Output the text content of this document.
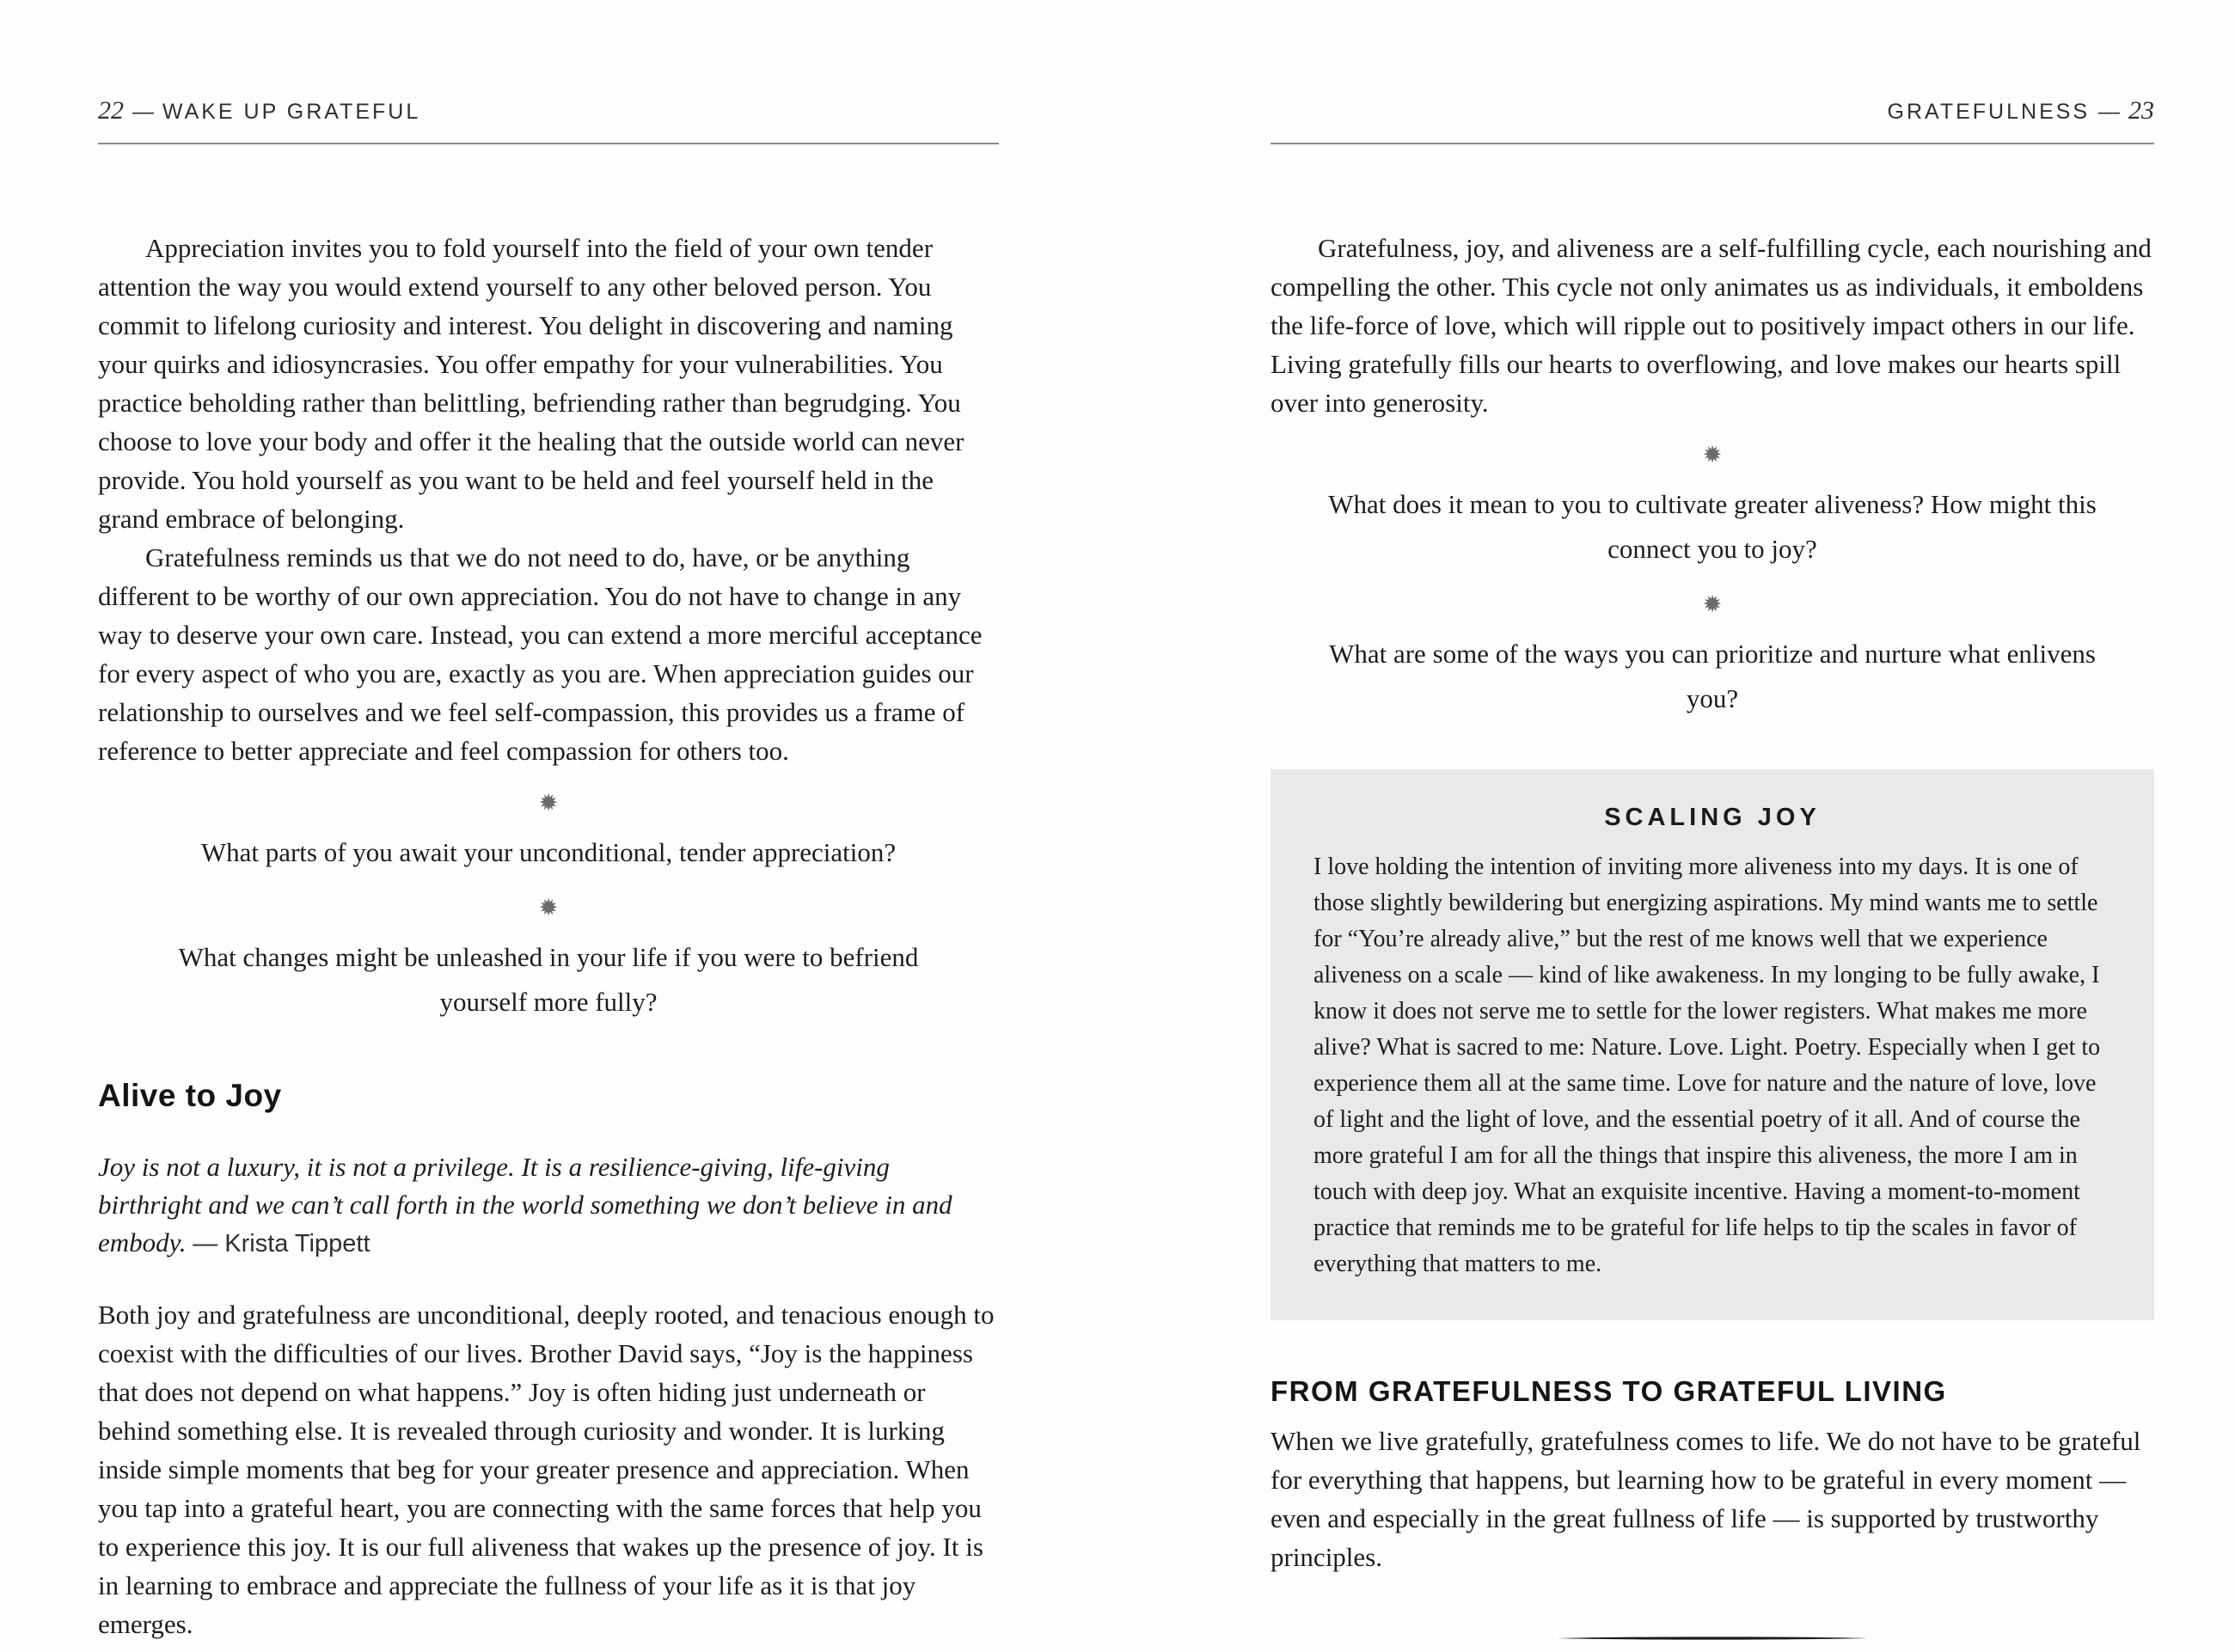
22 — WAKE UP GRATEFUL

Appreciation invites you to fold yourself into the field of your own tender attention the way you would extend yourself to any other beloved person. You commit to lifelong curiosity and interest. You delight in discovering and naming your quirks and idiosyncrasies. You offer empathy for your vulnerabilities. You practice beholding rather than belittling, befriending rather than begrudging. You choose to love your body and offer it the healing that the outside world can never provide. You hold yourself as you want to be held and feel yourself held in the grand embrace of belonging.

Gratefulness reminds us that we do not need to do, have, or be anything different to be worthy of our own appreciation. You do not have to change in any way to deserve your own care. Instead, you can extend a more merciful acceptance for every aspect of who you are, exactly as you are. When appreciation guides our relationship to ourselves and we feel self-compassion, this provides us a frame of reference to better appreciate and feel compassion for others too.

✹

What parts of you await your unconditional, tender appreciation?

✹

What changes might be unleashed in your life if you were to befriend yourself more fully?

Alive to Joy

Joy is not a luxury, it is not a privilege. It is a resilience-giving, life-giving birthright and we can’t call forth in the world something we don’t believe in and embody. — Krista Tippett

Both joy and gratefulness are unconditional, deeply rooted, and tenacious enough to coexist with the difficulties of our lives. Brother David says, “Joy is the happiness that does not depend on what happens.” Joy is often hiding just underneath or behind something else. It is revealed through curiosity and wonder. It is lurking inside simple moments that beg for your greater presence and appreciation. When you tap into a grateful heart, you are connecting with the same forces that help you to experience this joy. It is our full aliveness that wakes up the presence of joy. It is in learning to embrace and appreciate the fullness of your life as it is that joy emerges.

GRATEFULNESS — 23

Gratefulness, joy, and aliveness are a self-fulfilling cycle, each nourishing and compelling the other. This cycle not only animates us as individuals, it emboldens the life-force of love, which will ripple out to positively impact others in our life. Living gratefully fills our hearts to overflowing, and love makes our hearts spill over into generosity.

✹

What does it mean to you to cultivate greater aliveness? How might this connect you to joy?

✹

What are some of the ways you can prioritize and nurture what enlivens you?

SCALING JOY

I love holding the intention of inviting more aliveness into my days. It is one of those slightly bewildering but energizing aspirations. My mind wants me to settle for “You’re already alive,” but the rest of me knows well that we experience aliveness on a scale — kind of like awakeness. In my longing to be fully awake, I know it does not serve me to settle for the lower registers. What makes me more alive? What is sacred to me: Nature. Love. Light. Poetry. Especially when I get to experience them all at the same time. Love for nature and the nature of love, love of light and the light of love, and the essential poetry of it all. And of course the more grateful I am for all the things that inspire this aliveness, the more I am in touch with deep joy. What an exquisite incentive. Having a moment-to-moment practice that reminds me to be grateful for life helps to tip the scales in favor of everything that matters to me.

FROM GRATEFULNESS TO GRATEFUL LIVING

When we live gratefully, gratefulness comes to life. We do not have to be grateful for everything that happens, but learning how to be grateful in every moment — even and especially in the great fullness of life — is supported by trustworthy principles.
